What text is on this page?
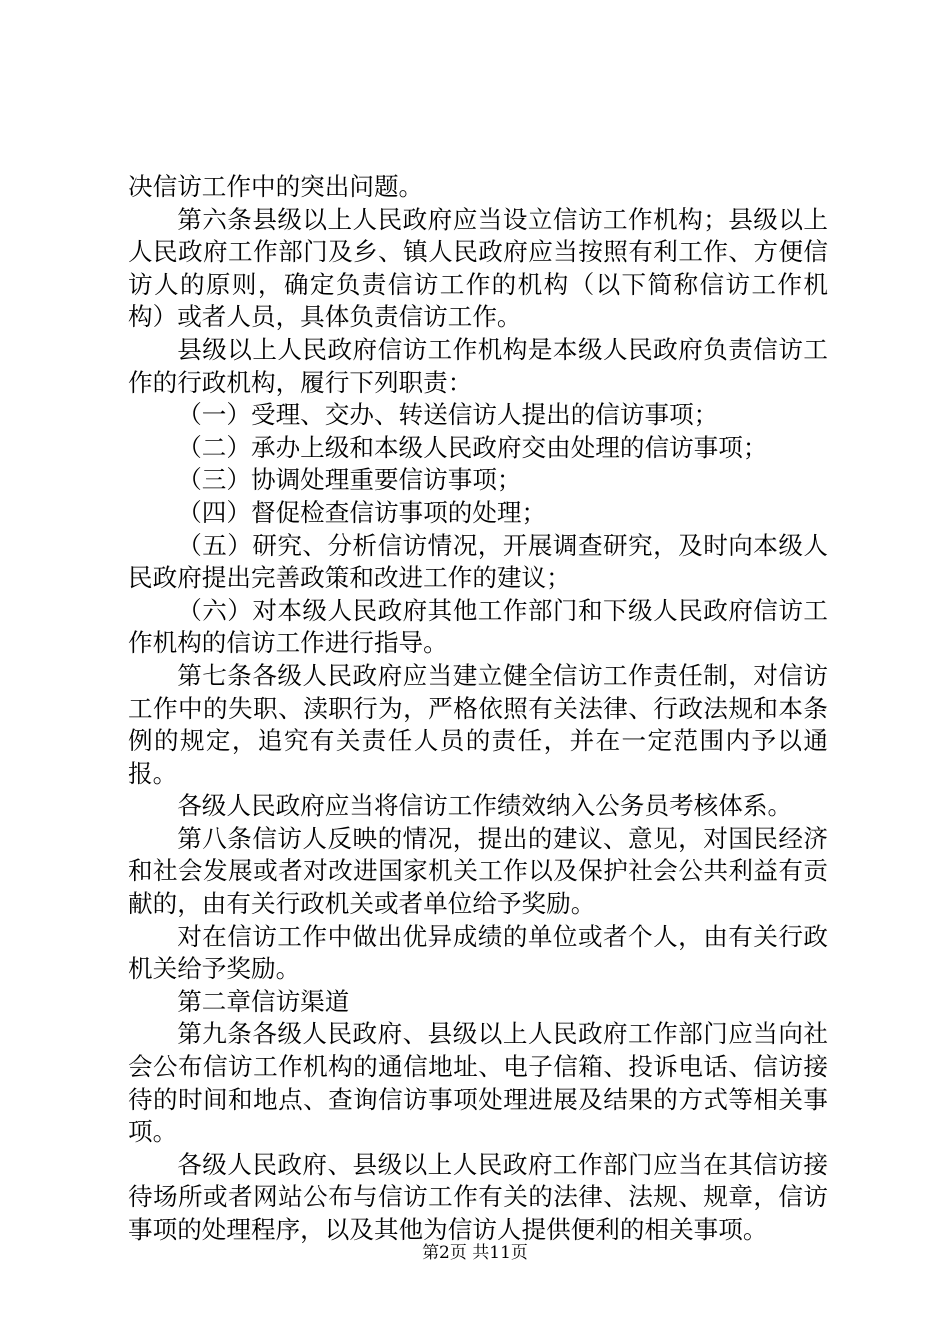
决信访工作中的突出问题。

第六条县级以上人民政府应当设立信访工作机构；县级以上人民政府工作部门及乡、镇人民政府应当按照有利工作、方便信访人的原则，确定负责信访工作的机构（以下简称信访工作机构）或者人员，具体负责信访工作。

县级以上人民政府信访工作机构是本级人民政府负责信访工作的行政机构，履行下列职责：

（一）受理、交办、转送信访人提出的信访事项；

（二）承办上级和本级人民政府交由处理的信访事项；

（三）协调处理重要信访事项；

（四）督促检查信访事项的处理；

（五）研究、分析信访情况，开展调查研究，及时向本级人民政府提出完善政策和改进工作的建议；

（六）对本级人民政府其他工作部门和下级人民政府信访工作机构的信访工作进行指导。

第七条各级人民政府应当建立健全信访工作责任制，对信访工作中的失职、渎职行为，严格依照有关法律、行政法规和本条例的规定，追究有关责任人员的责任，并在一定范围内予以通报。

各级人民政府应当将信访工作绩效纳入公务员考核体系。

第八条信访人反映的情况，提出的建议、意见，对国民经济和社会发展或者对改进国家机关工作以及保护社会公共利益有贡献的，由有关行政机关或者单位给予奖励。

对在信访工作中做出优异成绩的单位或者个人，由有关行政机关给予奖励。

第二章信访渠道

第九条各级人民政府、县级以上人民政府工作部门应当向社会公布信访工作机构的通信地址、电子信箱、投诉电话、信访接待的时间和地点、查询信访事项处理进展及结果的方式等相关事项。

各级人民政府、县级以上人民政府工作部门应当在其信访接待场所或者网站公布与信访工作有关的法律、法规、规章，信访事项的处理程序，以及其他为信访人提供便利的相关事项。

第2页 共11页
